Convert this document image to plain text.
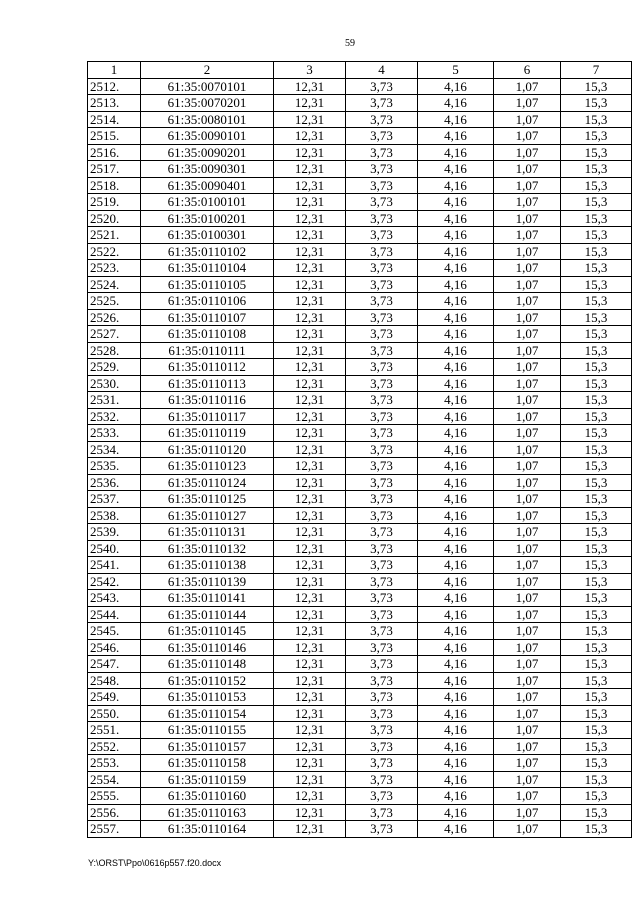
59
1	2	3	4	5	6	7
2512.	61:35:0070101	12,31	3,73	4,16	1,07	15,3
2513.	61:35:0070201	12,31	3,73	4,16	1,07	15,3
2514.	61:35:0080101	12,31	3,73	4,16	1,07	15,3
2515.	61:35:0090101	12,31	3,73	4,16	1,07	15,3
2516.	61:35:0090201	12,31	3,73	4,16	1,07	15,3
2517.	61:35:0090301	12,31	3,73	4,16	1,07	15,3
2518.	61:35:0090401	12,31	3,73	4,16	1,07	15,3
2519.	61:35:0100101	12,31	3,73	4,16	1,07	15,3
2520.	61:35:0100201	12,31	3,73	4,16	1,07	15,3
2521.	61:35:0100301	12,31	3,73	4,16	1,07	15,3
2522.	61:35:0110102	12,31	3,73	4,16	1,07	15,3
2523.	61:35:0110104	12,31	3,73	4,16	1,07	15,3
2524.	61:35:0110105	12,31	3,73	4,16	1,07	15,3
2525.	61:35:0110106	12,31	3,73	4,16	1,07	15,3
2526.	61:35:0110107	12,31	3,73	4,16	1,07	15,3
2527.	61:35:0110108	12,31	3,73	4,16	1,07	15,3
2528.	61:35:0110111	12,31	3,73	4,16	1,07	15,3
2529.	61:35:0110112	12,31	3,73	4,16	1,07	15,3
2530.	61:35:0110113	12,31	3,73	4,16	1,07	15,3
2531.	61:35:0110116	12,31	3,73	4,16	1,07	15,3
2532.	61:35:0110117	12,31	3,73	4,16	1,07	15,3
2533.	61:35:0110119	12,31	3,73	4,16	1,07	15,3
2534.	61:35:0110120	12,31	3,73	4,16	1,07	15,3
2535.	61:35:0110123	12,31	3,73	4,16	1,07	15,3
2536.	61:35:0110124	12,31	3,73	4,16	1,07	15,3
2537.	61:35:0110125	12,31	3,73	4,16	1,07	15,3
2538.	61:35:0110127	12,31	3,73	4,16	1,07	15,3
2539.	61:35:0110131	12,31	3,73	4,16	1,07	15,3
2540.	61:35:0110132	12,31	3,73	4,16	1,07	15,3
2541.	61:35:0110138	12,31	3,73	4,16	1,07	15,3
2542.	61:35:0110139	12,31	3,73	4,16	1,07	15,3
2543.	61:35:0110141	12,31	3,73	4,16	1,07	15,3
2544.	61:35:0110144	12,31	3,73	4,16	1,07	15,3
2545.	61:35:0110145	12,31	3,73	4,16	1,07	15,3
2546.	61:35:0110146	12,31	3,73	4,16	1,07	15,3
2547.	61:35:0110148	12,31	3,73	4,16	1,07	15,3
2548.	61:35:0110152	12,31	3,73	4,16	1,07	15,3
2549.	61:35:0110153	12,31	3,73	4,16	1,07	15,3
2550.	61:35:0110154	12,31	3,73	4,16	1,07	15,3
2551.	61:35:0110155	12,31	3,73	4,16	1,07	15,3
2552.	61:35:0110157	12,31	3,73	4,16	1,07	15,3
2553.	61:35:0110158	12,31	3,73	4,16	1,07	15,3
2554.	61:35:0110159	12,31	3,73	4,16	1,07	15,3
2555.	61:35:0110160	12,31	3,73	4,16	1,07	15,3
2556.	61:35:0110163	12,31	3,73	4,16	1,07	15,3
2557.	61:35:0110164	12,31	3,73	4,16	1,07	15,3
Y:\ORST\Ppo\0616p557.f20.docx
